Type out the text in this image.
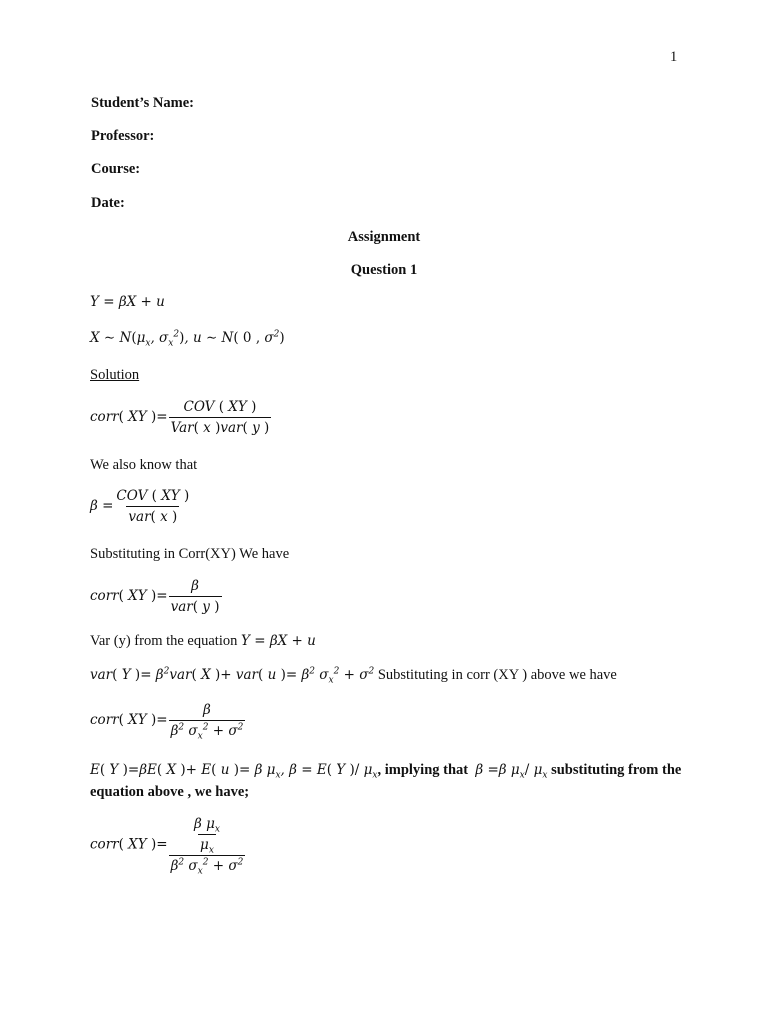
1
Student’s Name:
Professor:
Course:
Date:
Assignment
Question 1
Y = βX + u
X ∼ $N(\mu_x$, $\sigma_x^2$), u ∼ N( 0 , $\sigma^2$)
Solution
corr( XY )= $\frac{\text{COV ( XY )}}{\text{Var( x )var( y )}}$
We also know that
$\beta = \frac{\text{COV ( XY )}}{\text{var( x )}}$
Substituting in Corr(XY) We have
corr( XY )= $\frac{\beta}{\text{var( y )}}$
Var (y) from the equation Y = βX + u
var( Y )= $\beta^2var$( X )+ var( u )= $\beta^2$ $\sigma_x^2 + \sigma^2$ Substituting in corr (XY ) above we have
corr( XY )= $\frac{\beta}{\beta^2 \sigma_x^2 + \sigma^2}$
E( Y )=βE( X )+ E( u )= β $\mu_x$, β = E( Y )/ $\mu_x$, implying that β =β $\mu_x/$ $\mu_x$ substituting from the
equation above , we have;
corr( XY )= $\frac{\frac{\beta \mu_x}{\mu_x}}{\beta^2 \sigma_x^2 + \sigma^2}$
